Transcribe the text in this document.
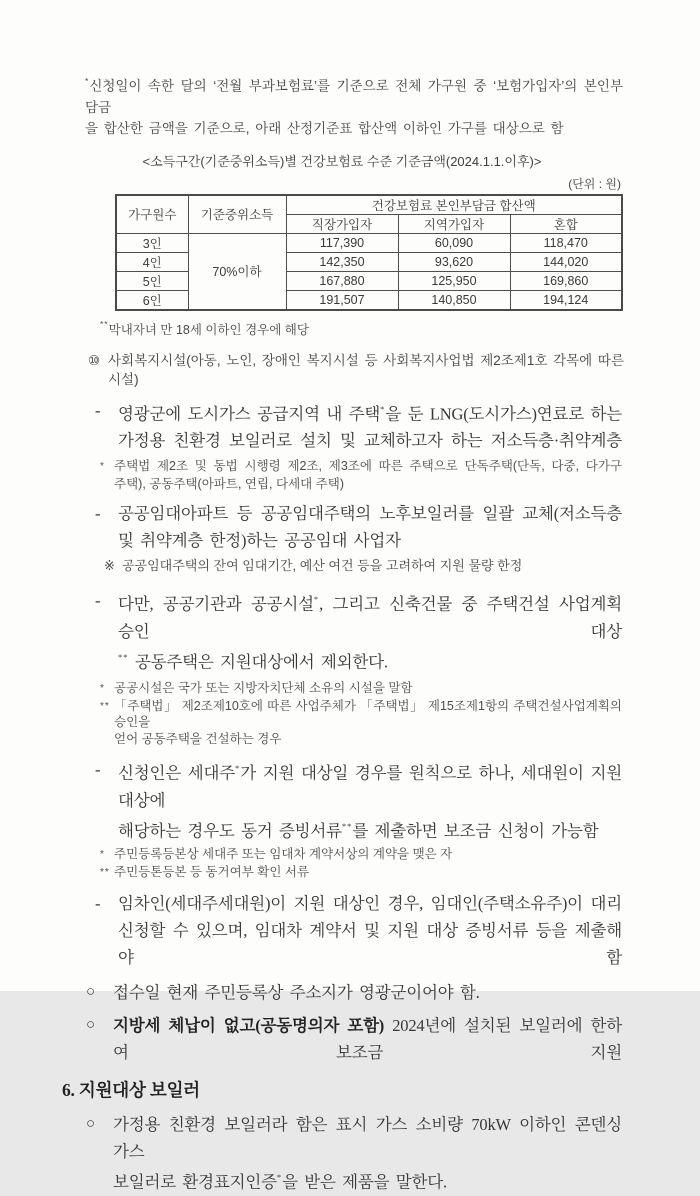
*신청일이 속한 달의 ‘전월 부과보험료’를 기준으로 전체 가구원 중 ‘보험가입자’의 본인부담금
을 합산한 금액을 기준으로, 아래 산정기준표 합산액 이하인 가구를 대상으로 함
<소득구간(기준중위소득)별 건강보험료 수준 기준금액(2024.1.1.이후)>
(단위 : 원)
가구원수	기준중위소득	건강보험료 본인부담금 합산액		
		직장가입자	지역가입자	혼합
3인	70%이하	117,390	60,090	118,470
4인		142,350	93,620	144,020
5인		167,880	125,950	169,860
6인		191,507	140,850	194,124
**막내자녀 만 18세 이하인 경우에 해당
⑩ 사회복지시설(아동, 노인, 장애인 복지시설 등 사회복지사업법 제2조제1호 각목에 따른 시설)
-	영광군에 도시가스 공급지역 내 주택*을 둔 LNG(도시가스)연료로 하는
가정용 친환경 보일러로 설치 및 교체하고자 하는 저소득층·취약계층
* 주택법 제2조 및 동법 시행령 제2조, 제3조에 따른 주택으로 단독주택(단독, 다중, 다가구
주택), 공동주택(아파트, 연립, 다세대 주택)
-	공공임대아파트 등 공공임대주택의 노후보일러를 일괄 교체(저소득층
및 취약계층 한정)하는 공공임대 사업자
※ 공공임대주택의 잔여 임대기간, 예산 여건 등을 고려하여 지원 물량 한정
-	다만, 공공기관과 공공시설*, 그리고 신축건물 중 주택건설 사업계획 승인 대상
** 공동주택은 지원대상에서 제외한다.
* 공공시설은 국가 또는 지방자치단체 소유의 시설을 말함
** 「주택법」 제2조제10호에 따른 사업주체가 「주택법」 제15조제1항의 주택건설사업계획의 승인을
얻어 공동주택을 건설하는 경우
-	신청인은 세대주*가 지원 대상일 경우를 원칙으로 하나, 세대원이 지원 대상에
해당하는 경우도 동거 증빙서류**를 제출하면 보조금 신청이 가능함
* 주민등록등본상 세대주 또는 임대차 계약서상의 계약을 맺은 자
** 주민등톤등본 등 동거여부 확인 서류
-	임차인(세대주세대원)이 지원 대상인 경우, 임대인(주택소유주)이 대리
신청할 수 있으며, 임대차 계약서 및 지원 대상 증빙서류 등을 제출해야 함
○	접수일 현재 주민등록상 주소지가 영광군이어야 함.
○	지방세 체납이 없고(공동명의자 포함) 2024년에 설치된 보일러에 한하여 보조금 지원
6. 지원대상 보일러
○	가정용 친환경 보일러라 함은 표시 가스 소비량 70kW 이하인 콘덴싱 가스
보일러로 환경표지인증*을 받은 제품을 말한다.
